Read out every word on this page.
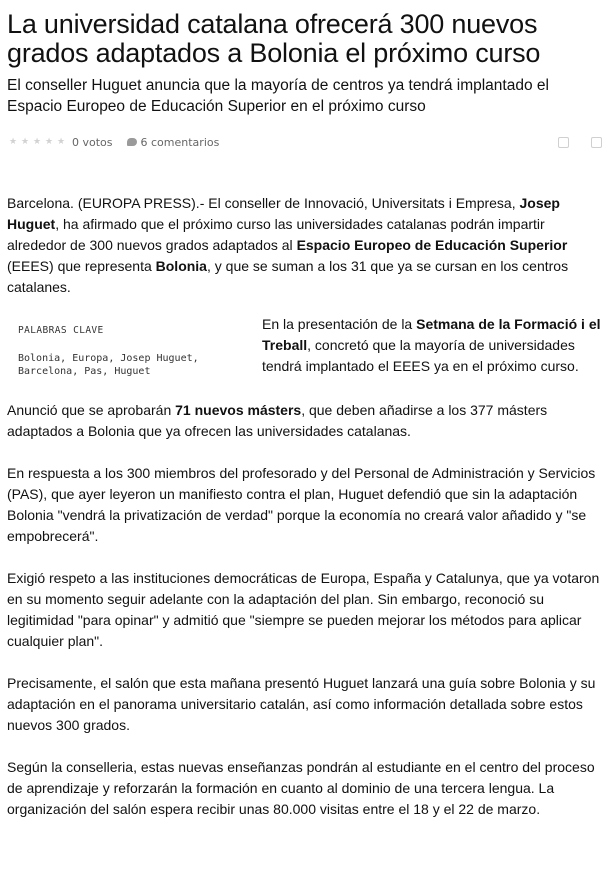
La universidad catalana ofrecerá 300 nuevos grados adaptados a Bolonia el próximo curso
El conseller Huguet anuncia que la mayoría de centros ya tendrá implantado el Espacio Europeo de Educación Superior en el próximo curso
★ ★ ★ ★ ★ 0 votos	6 comentarios

Barcelona. (EUROPA PRESS).- El conseller de Innovació, Universitats i Empresa, Josep Huguet, ha afirmado que el próximo curso las universidades catalanas podrán impartir alrededor de 300 nuevos grados adaptados al Espacio Europeo de Educación Superior (EEES) que representa Bolonia, y que se suman a los 31 que ya se cursan en los centros catalanes.

PALABRAS CLAVE
Bolonia, Europa, Josep Huguet,
Barcelona, Pas, Huguet
En la presentación de la Setmana de la Formació i el Treball, concretó que la mayoría de universidades tendrá implantado el EEES ya en el próximo curso.

Anunció que se aprobarán 71 nuevos másters, que deben añadirse a los 377 másters adaptados a Bolonia que ya ofrecen las universidades catalanas.

En respuesta a los 300 miembros del profesorado y del Personal de Administración y Servicios (PAS), que ayer leyeron un manifiesto contra el plan, Huguet defendió que sin la adaptación Bolonia "vendrá la privatización de verdad" porque la economía no creará valor añadido y "se empobrecerá".

Exigió respeto a las instituciones democráticas de Europa, España y Catalunya, que ya votaron en su momento seguir adelante con la adaptación del plan. Sin embargo, reconoció su legitimidad "para opinar" y admitió que "siempre se pueden mejorar los métodos para aplicar cualquier plan".

Precisamente, el salón que esta mañana presentó Huguet lanzará una guía sobre Bolonia y su adaptación en el panorama universitario catalán, así como información detallada sobre estos nuevos 300 grados.

Según la conselleria, estas nuevas enseñanzas pondrán al estudiante en el centro del proceso de aprendizaje y reforzarán la formación en cuanto al dominio de una tercera lengua. La organización del salón espera recibir unas 80.000 visitas entre el 18 y el 22 de marzo.
